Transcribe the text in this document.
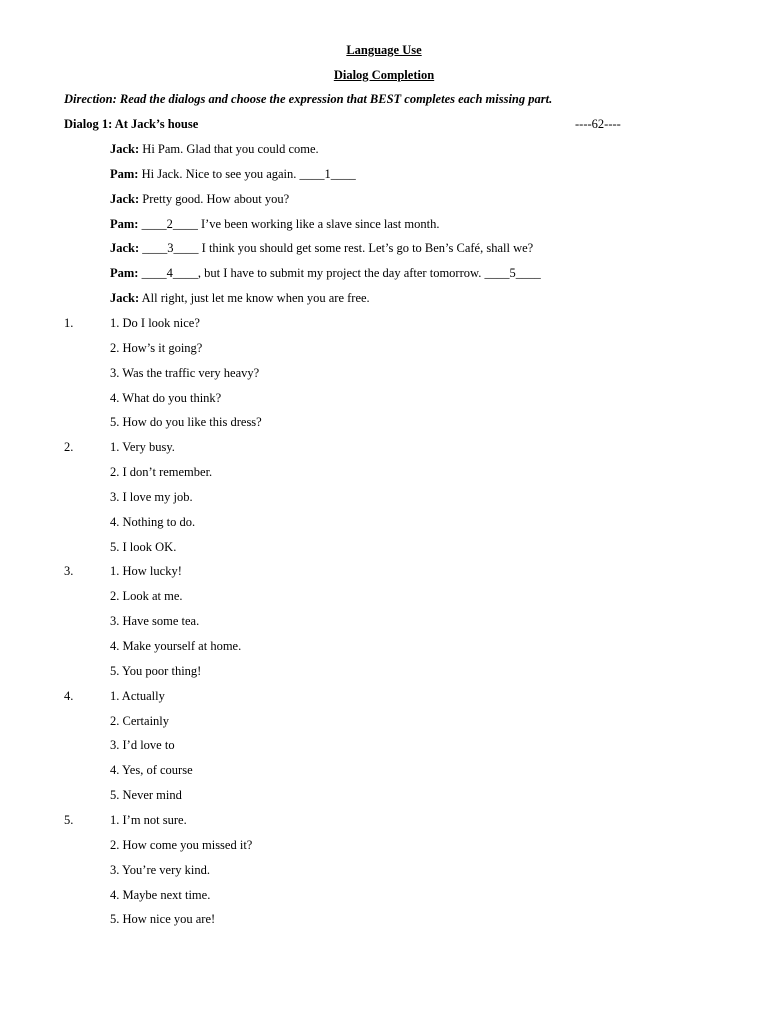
Language Use
Dialog Completion
Direction: Read the dialogs and choose the expression that BEST completes each missing part.
Dialog 1: At Jack’s house	----62----
Jack: Hi Pam. Glad that you could come.
Pam: Hi Jack. Nice to see you again. ____1____
Jack: Pretty good. How about you?
Pam: ____2____ I’ve been working like a slave since last month.
Jack: ____3____ I think you should get some rest. Let’s go to Ben’s Café, shall we?
Pam: ____4____, but I have to submit my project the day after tomorrow. ____5____
Jack: All right, just let me know when you are free.
1.	1. Do I look nice?
2. How’s it going?
3. Was the traffic very heavy?
4. What do you think?
5. How do you like this dress?
2.	1. Very busy.
2. I don’t remember.
3. I love my job.
4. Nothing to do.
5. I look OK.
3.	1. How lucky!
2. Look at me.
3. Have some tea.
4. Make yourself at home.
5. You poor thing!
4.	1. Actually
2. Certainly
3. I’d love to
4. Yes, of course
5. Never mind
5.	1. I’m not sure.
2. How come you missed it?
3. You’re very kind.
4. Maybe next time.
5. How nice you are!
